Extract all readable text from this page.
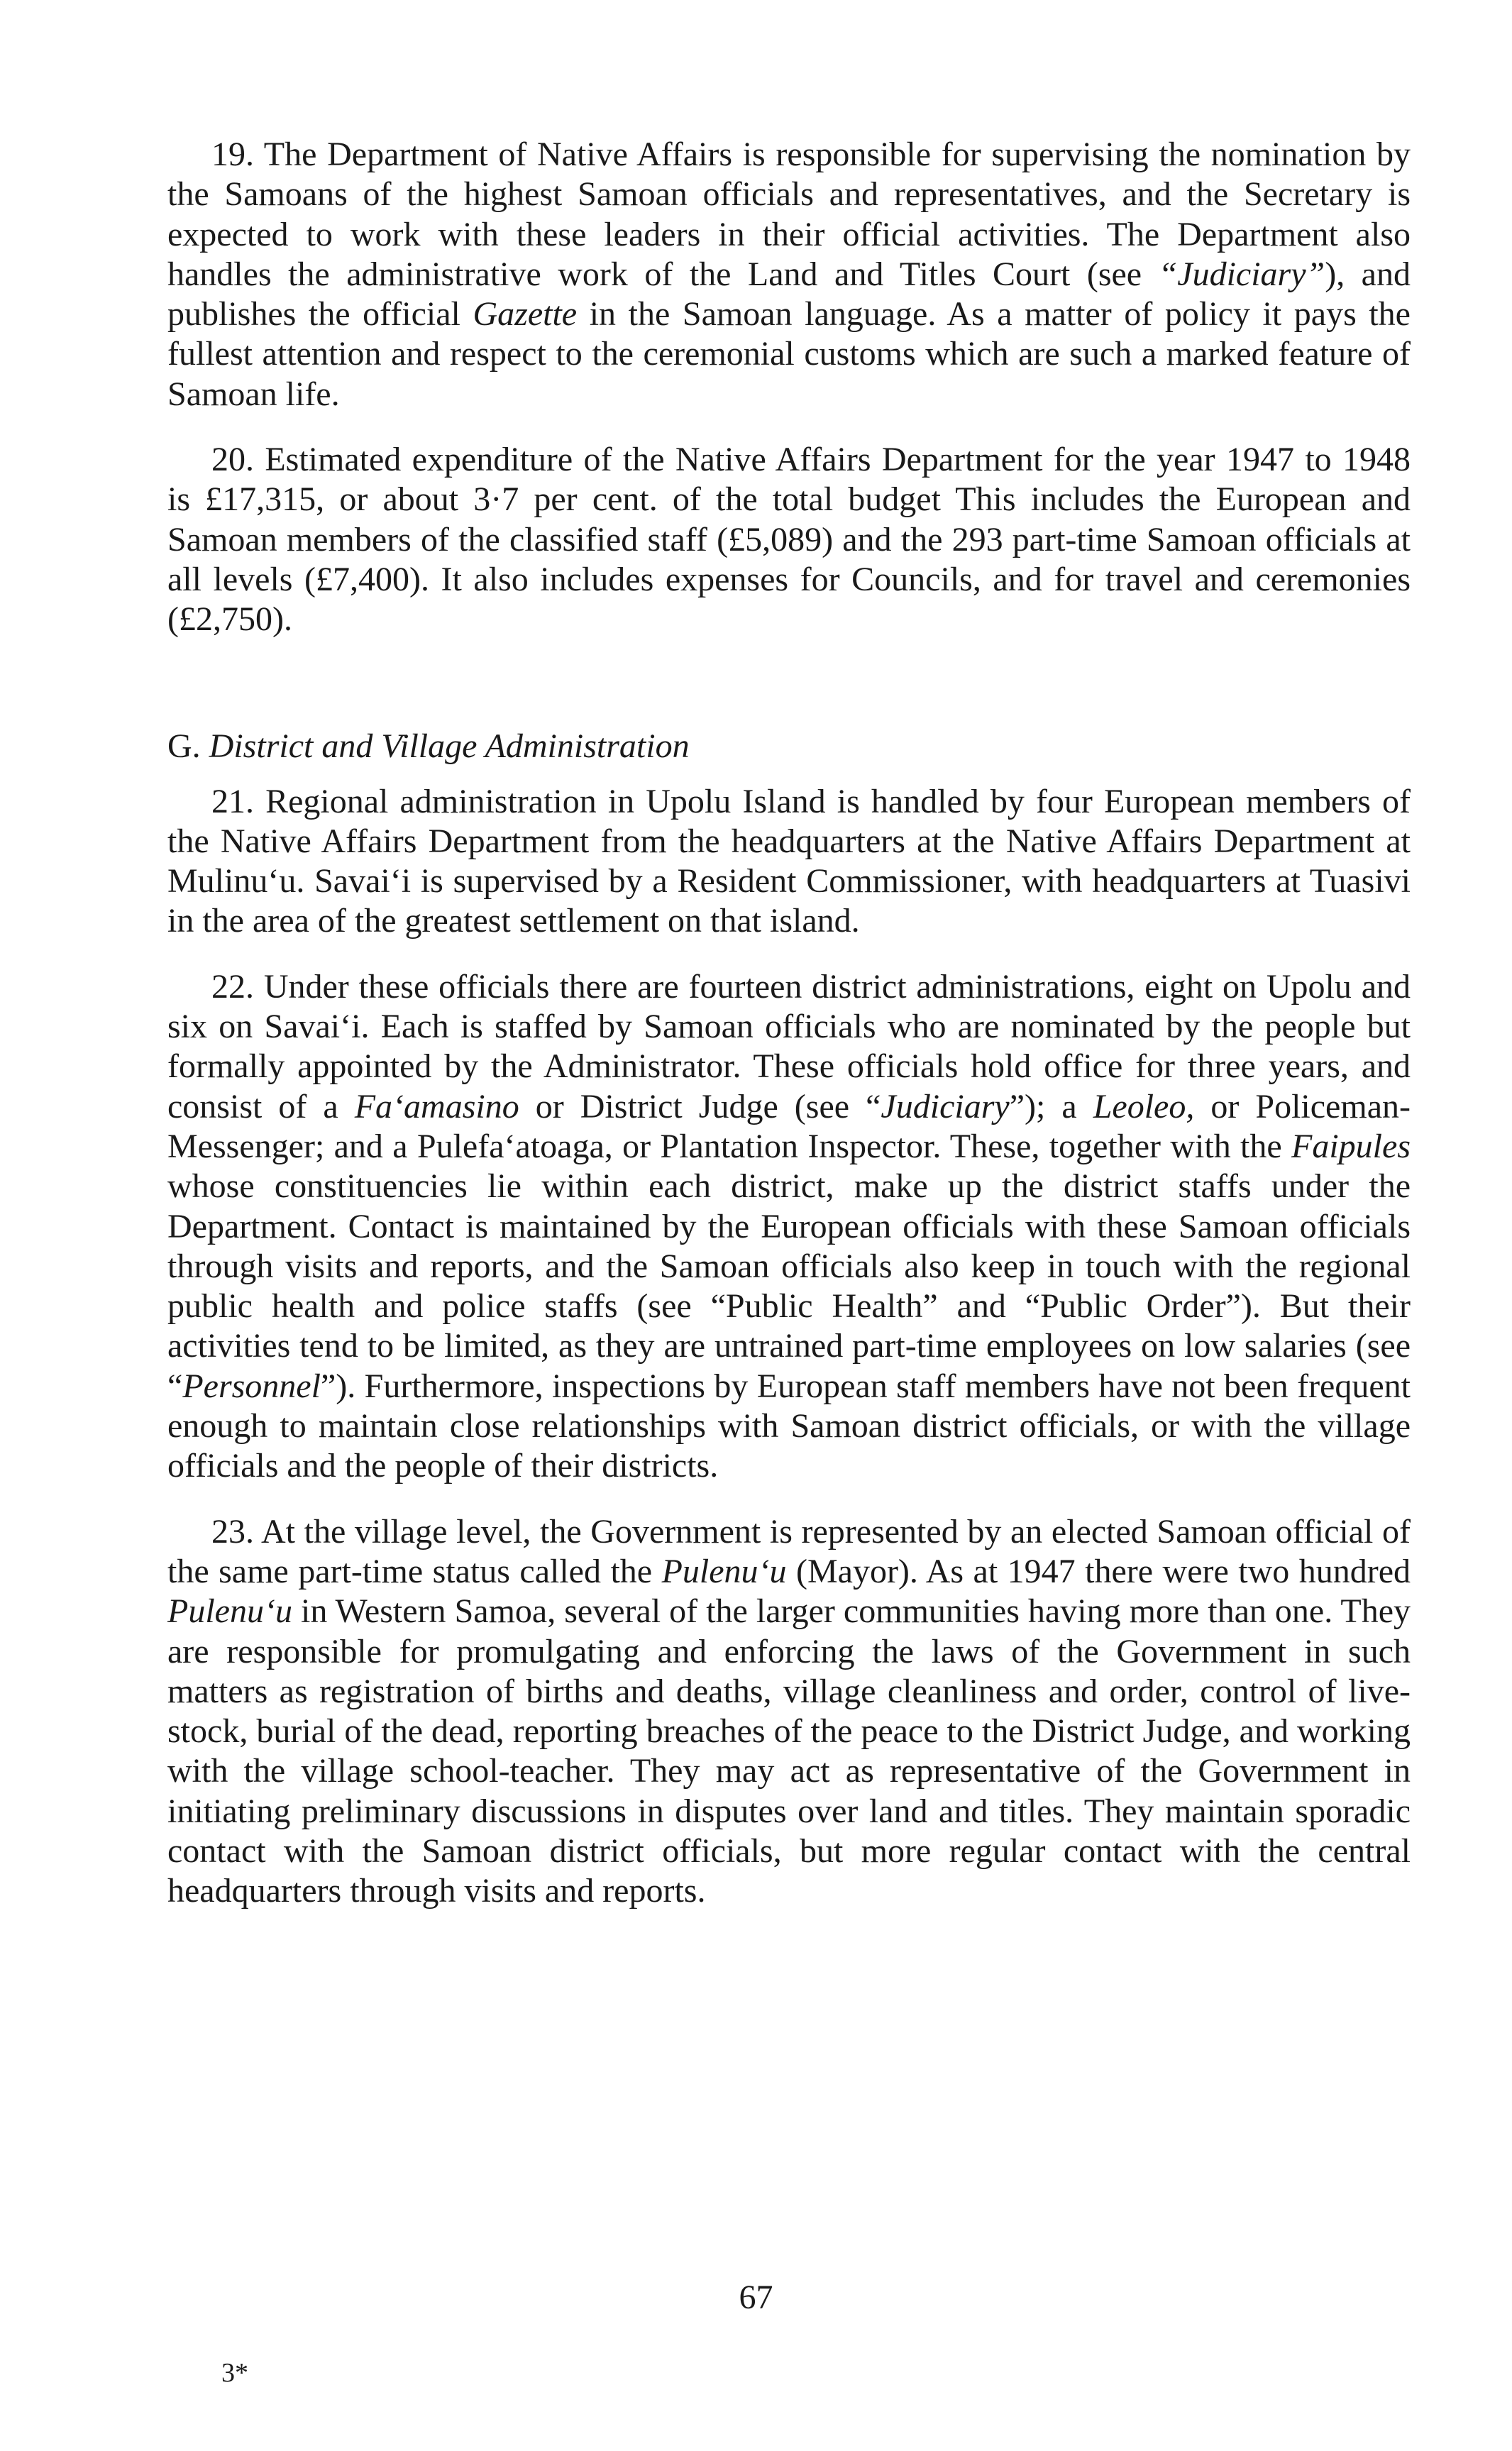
19. The Department of Native Affairs is responsible for supervising the nomination by the Samoans of the highest Samoan officials and representatives, and the Secretary is expected to work with these leaders in their official activities. The Department also handles the administrative work of the Land and Titles Court (see “Judiciary”), and publishes the official Gazette in the Samoan language. As a matter of policy it pays the fullest attention and respect to the ceremonial customs which are such a marked feature of Samoan life.

20. Estimated expenditure of the Native Affairs Department for the year 1947 to 1948 is £17,315, or about 3·7 per cent. of the total budget This includes the European and Samoan members of the classified staff (£5,089) and the 293 part-time Samoan officials at all levels (£7,400). It also includes expenses for Councils, and for travel and ceremonies (£2,750).

G. District and Village Administration

21. Regional administration in Upolu Island is handled by four European members of the Native Affairs Department from the headquarters at the Native Affairs Department at Mulinu‘u. Savai‘i is supervised by a Resident Commissioner, with headquarters at Tuasivi in the area of the greatest settlement on that island.

22. Under these officials there are fourteen district administrations, eight on Upolu and six on Savai‘i. Each is staffed by Samoan officials who are nominated by the people but formally appointed by the Administrator. These officials hold office for three years, and consist of a Fa‘amasino or District Judge (see “Judiciary”); a Leoleo, or Policeman-Messenger; and a Pulefa‘atoaga, or Plantation Inspector. These, together with the Faipules whose constituencies lie within each district, make up the district staffs under the Department. Contact is maintained by the European officials with these Samoan officials through visits and reports, and the Samoan officials also keep in touch with the regional public health and police staffs (see “Public Health” and “Public Order”). But their activities tend to be limited, as they are untrained part-time employees on low salaries (see “Personnel”). Furthermore, inspections by European staff members have not been frequent enough to maintain close relationships with Samoan district officials, or with the village officials and the people of their districts.

23. At the village level, the Government is represented by an elected Samoan official of the same part-time status called the Pulenu‘u (Mayor). As at 1947 there were two hundred Pulenu‘u in Western Samoa, several of the larger communities having more than one. They are responsible for promulgating and enforcing the laws of the Government in such matters as registration of births and deaths, village cleanliness and order, control of live-stock, burial of the dead, reporting breaches of the peace to the District Judge, and working with the village school-teacher. They may act as representative of the Government in initiating preliminary discussions in disputes over land and titles. They maintain sporadic contact with the Samoan district officials, but more regular contact with the central headquarters through visits and reports.

67
3*
